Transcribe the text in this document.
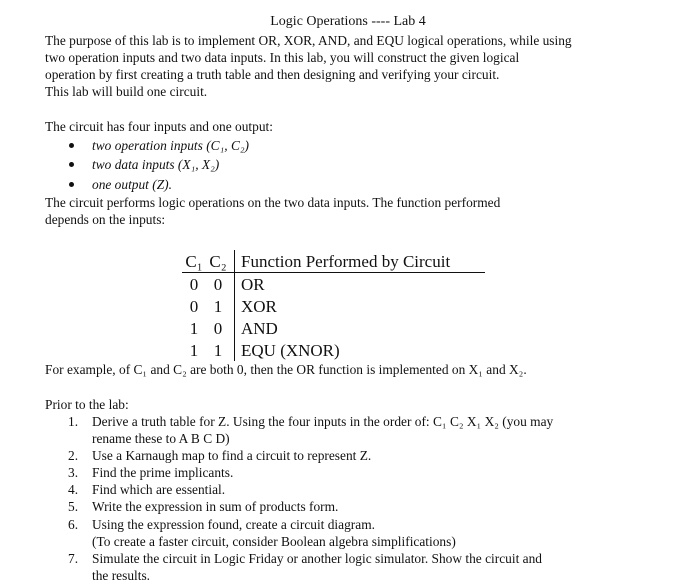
Logic Operations ---- Lab 4
The purpose of this lab is to implement OR, XOR, AND, and EQU logical operations, while using
two operation inputs and two data inputs. In this lab, you will construct the given logical
operation by first creating a truth table and then designing and verifying your circuit.
This lab will build one circuit.
The circuit has four inputs and one output:
two operation inputs (C₁, C₂)
two data inputs (X₁, X₂)
one output (Z).
The circuit performs logic operations on the two data inputs. The function performed
depends on the inputs:
C₁	C₂	Function Performed by Circuit
0	0	OR
0	1	XOR
1	0	AND
1	1	EQU (XNOR)
For example, of C₁ and C₂ are both 0, then the OR function is implemented on X₁ and X₂.
Prior to the lab:
1. Derive a truth table for Z. Using the four inputs in the order of: C₁ C₂ X₁ X₂ (you may
rename these to A B C D)
2. Use a Karnaugh map to find a circuit to represent Z.
3. Find the prime implicants.
4. Find which are essential.
5. Write the expression in sum of products form.
6. Using the expression found, create a circuit diagram.
(To create a faster circuit, consider Boolean algebra simplifications)
7. Simulate the circuit in Logic Friday or another logic simulator. Show the circuit and
the results.
